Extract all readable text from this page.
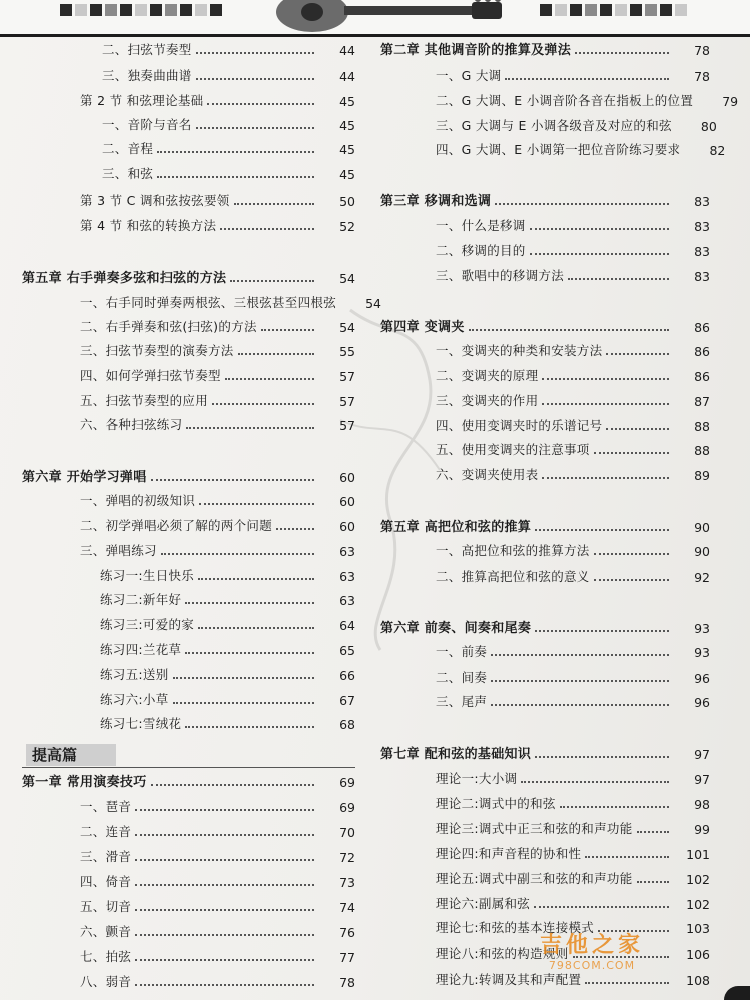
二、扫弦节奏型	44
三、独奏曲曲谱	44
第 2 节 和弦理论基础	45
一、音阶与音名	45
二、音程	45
三、和弦	45
第 3 节 C 调和弦按弦要领	50
第 4 节 和弦的转换方法	52
第五章 右手弹奏多弦和扫弦的方法	54
一、右手同时弹奏两根弦、三根弦甚至四根弦	54
二、右手弹奏和弦(扫弦)的方法	54
三、扫弦节奏型的演奏方法	55
四、如何学弹扫弦节奏型	57
五、扫弦节奏型的应用	57
六、各种扫弦练习	57
第六章 开始学习弹唱	60
一、弹唱的初级知识	60
二、初学弹唱必须了解的两个问题	60
三、弹唱练习	63
练习一:生日快乐	63
练习二:新年好	63
练习三:可爱的家	64
练习四:兰花草	65
练习五:送别	66
练习六:小草	67
练习七:雪绒花	68
第一章 常用演奏技巧	69
一、琶音	69
二、连音	70
三、滑音	72
四、倚音	73
五、切音	74
六、颤音	76
七、拍弦	77
八、弱音	78
提高篇
第二章 其他调音阶的推算及弹法	78
一、G 大调	78
二、G 大调、E 小调音阶各音在指板上的位置	79
三、G 大调与 E 小调各级音及对应的和弦	80
四、G 大调、E 小调第一把位音阶练习要求	82
第三章 移调和选调	83
一、什么是移调	83
二、移调的目的	83
三、歌唱中的移调方法	83
第四章 变调夹	86
一、变调夹的种类和安装方法	86
二、变调夹的原理	86
三、变调夹的作用	87
四、使用变调夹时的乐谱记号	88
五、使用变调夹的注意事项	88
六、变调夹使用表	89
第五章 高把位和弦的推算	90
一、高把位和弦的推算方法	90
二、推算高把位和弦的意义	92
第六章 前奏、间奏和尾奏	93
一、前奏	93
二、间奏	96
三、尾声	96
第七章 配和弦的基础知识	97
理论一:大小调	97
理论二:调式中的和弦	98
理论三:调式中正三和弦的和声功能	99
理论四:和声音程的协和性	101
理论五:调式中副三和弦的和声功能	102
理论六:副属和弦	102
理论七:和弦的基本连接模式	103
理论八:和弦的构造规则	106
理论九:转调及其和声配置	108
吉他之家
798COM.COM
